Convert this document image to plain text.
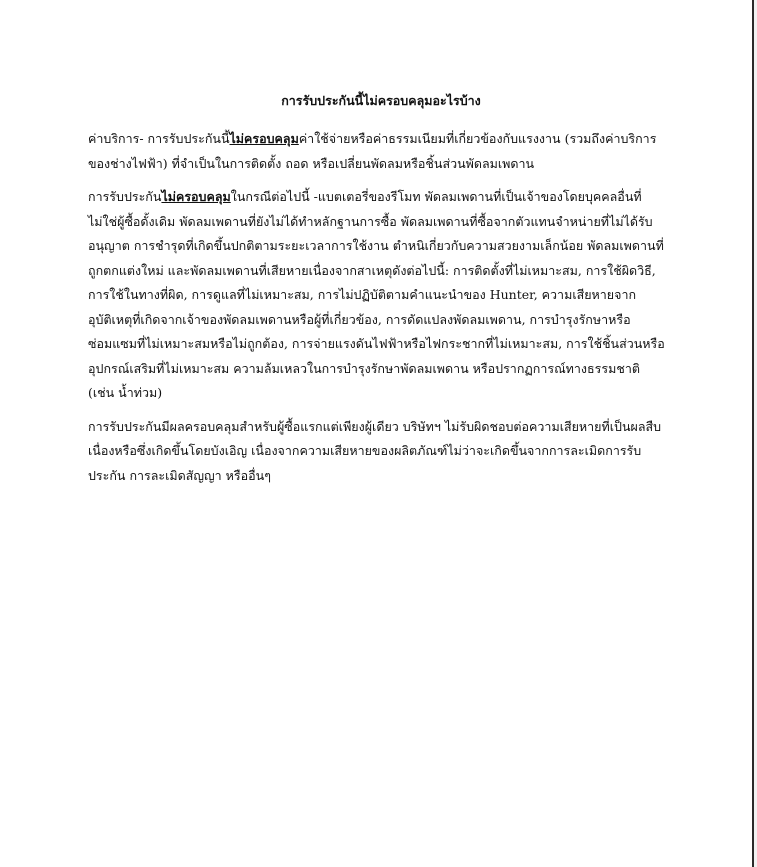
การรับประกันนี้ไม่ครอบคลุมอะไรบ้าง

ค่าบริการ- การรับประกันนี้ไม่ครอบคลุมค่าใช้จ่ายหรือค่าธรรมเนียมที่เกี่ยวข้องกับแรงงาน (รวมถึงค่าบริการของช่างไฟฟ้า) ที่จำเป็นในการติดตั้ง ถอด หรือเปลี่ยนพัดลมหรือชิ้นส่วนพัดลมเพดาน

การรับประกันไม่ครอบคลุมในกรณีต่อไปนี้ -แบตเตอรี่ของรีโมท พัดลมเพดานที่เป็นเจ้าของโดยบุคคลอื่นที่ไม่ใช่ผู้ซื้อดั้งเดิม พัดลมเพดานที่ยังไม่ได้ทำหลักฐานการซื้อ พัดลมเพดานที่ซื้อจากตัวแทนจำหน่ายที่ไม่ได้รับอนุญาต การชำรุดที่เกิดขึ้นปกติตามระยะเวลาการใช้งาน ตำหนิเกี่ยวกับความสวยงามเล็กน้อย พัดลมเพดานที่ถูกตกแต่งใหม่ และพัดลมเพดานที่เสียหายเนื่องจากสาเหตุดังต่อไปนี้: การติดตั้งที่ไม่เหมาะสม, การใช้ผิดวิธี, การใช้ในทางที่ผิด, การดูแลที่ไม่เหมาะสม, การไม่ปฏิบัติตามคำแนะนำของ Hunter, ความเสียหายจากอุบัติเหตุที่เกิดจากเจ้าของพัดลมเพดานหรือผู้ที่เกี่ยวข้อง, การดัดแปลงพัดลมเพดาน, การบำรุงรักษาหรือซ่อมแซมที่ไม่เหมาะสมหรือไม่ถูกต้อง, การจ่ายแรงดันไฟฟ้าหรือไฟกระชากที่ไม่เหมาะสม, การใช้ชิ้นส่วนหรืออุปกรณ์เสริมที่ไม่เหมาะสม ความล้มเหลวในการบำรุงรักษาพัดลมเพดาน หรือปรากฏการณ์ทางธรรมชาติ (เช่น น้ำท่วม)

การรับประกันมีผลครอบคลุมสำหรับผู้ซื้อแรกแต่เพียงผู้เดียว บริษัทฯ ไม่รับผิดชอบต่อความเสียหายที่เป็นผลสืบเนื่องหรือซึ่งเกิดขึ้นโดยบังเอิญ เนื่องจากความเสียหายของผลิตภัณฑ์ไม่ว่าจะเกิดขึ้นจากการละเมิดการรับประกัน การละเมิดสัญญา หรืออื่นๆ
